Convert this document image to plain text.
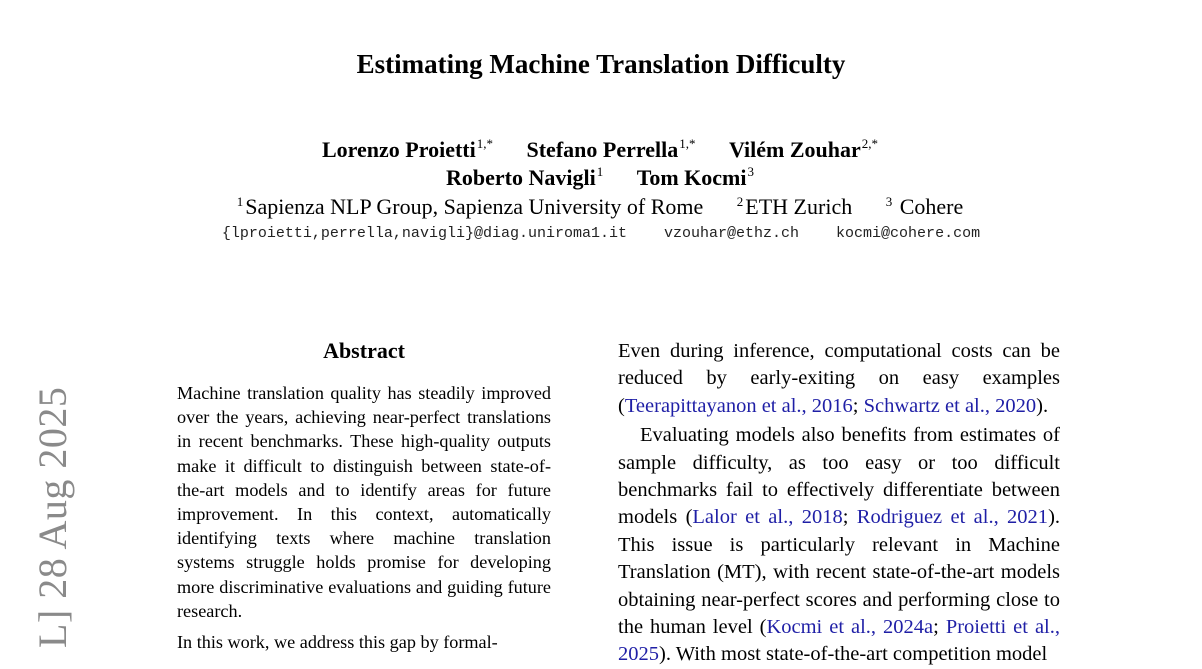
L] 28 Aug 2025
Estimating Machine Translation Difficulty
Lorenzo Proietti$^{1,*}$ Stefano Perrella$^{1,*}$ Vilém Zouhar$^{2,*}$
Roberto Navigli$^1$ Tom Kocmi$^3$
$^1$Sapienza NLP Group, Sapienza University of Rome	$^2$ETH Zurich	$^3$ Cohere
{lproietti,perrella,navigli}@diag.uniroma1.it vzouhar@ethz.ch kocmi@cohere.com
Abstract

Machine translation quality has steadily improved over the years, achieving near-perfect translations in recent benchmarks. These high-quality outputs make it difficult to distinguish between state-of-the-art models and to identify areas for future improvement. In this context, automatically identifying texts where machine translation systems struggle holds promise for developing more discriminative evaluations and guiding future research.

In this work, we address this gap by formal-

Even during inference, computational costs can be reduced by early-exiting on easy examples (Teerapittayanon et al., 2016; Schwartz et al., 2020).

Evaluating models also benefits from estimates of sample difficulty, as too easy or too difficult benchmarks fail to effectively differentiate between models (Lalor et al., 2018; Rodriguez et al., 2021). This issue is particularly relevant in Machine Translation (MT), with recent state-of-the-art models obtaining near-perfect scores and performing close to the human level (Kocmi et al., 2024a; Proietti et al., 2025). With most state-of-the-art competition model
